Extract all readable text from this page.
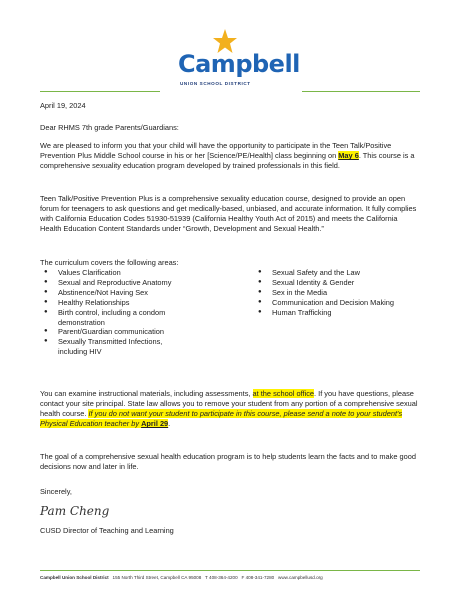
Campbell
UNION SCHOOL DISTRICT
April 19, 2024
Dear RHMS 7th grade Parents/Guardians:
We are pleased to inform you that your child will have the opportunity to participate in the Teen Talk/Positive Prevention Plus Middle School course in his or her [Science/PE/Health] class beginning on May 6. This course is a comprehensive sexuality education program developed by trained professionals in this field.
Teen Talk/Positive Prevention Plus is a comprehensive sexuality education course, designed to provide an open forum for teenagers to ask questions and get medically-based, unbiased, and accurate information. It fully complies with California Education Codes 51930-51939 (California Healthy Youth Act of 2015) and meets the California Health Education Content Standards under “Growth, Development and Sexual Health.”
The curriculum covers the following areas:
● Values Clarification
● Sexual and Reproductive Anatomy
● Abstinence/Not Having Sex
● Healthy Relationships
● Birth control, including a condom demonstration
● Parent/Guardian communication
● Sexually Transmitted Infections, including HIV
● Sexual Safety and the Law
● Sexual Identity & Gender
● Sex in the Media
● Communication and Decision Making
● Human Trafficking
You can examine instructional materials, including assessments, at the school office. If you have questions, please contact your site principal. State law allows you to remove your student from any portion of a comprehensive sexual health course. If you do not want your student to participate in this course, please send a note to your student's Physical Education teacher by April 29.
The goal of a comprehensive sexual health education program is to help students learn the facts and to make good decisions now and later in life.
Sincerely,
Pam Cheng
CUSD Director of Teaching and Learning
Campbell Union School District 155 North Third Street, Campbell CA 95008 T 408-364-4200 F 408-341-7280 www.campbellusd.org
